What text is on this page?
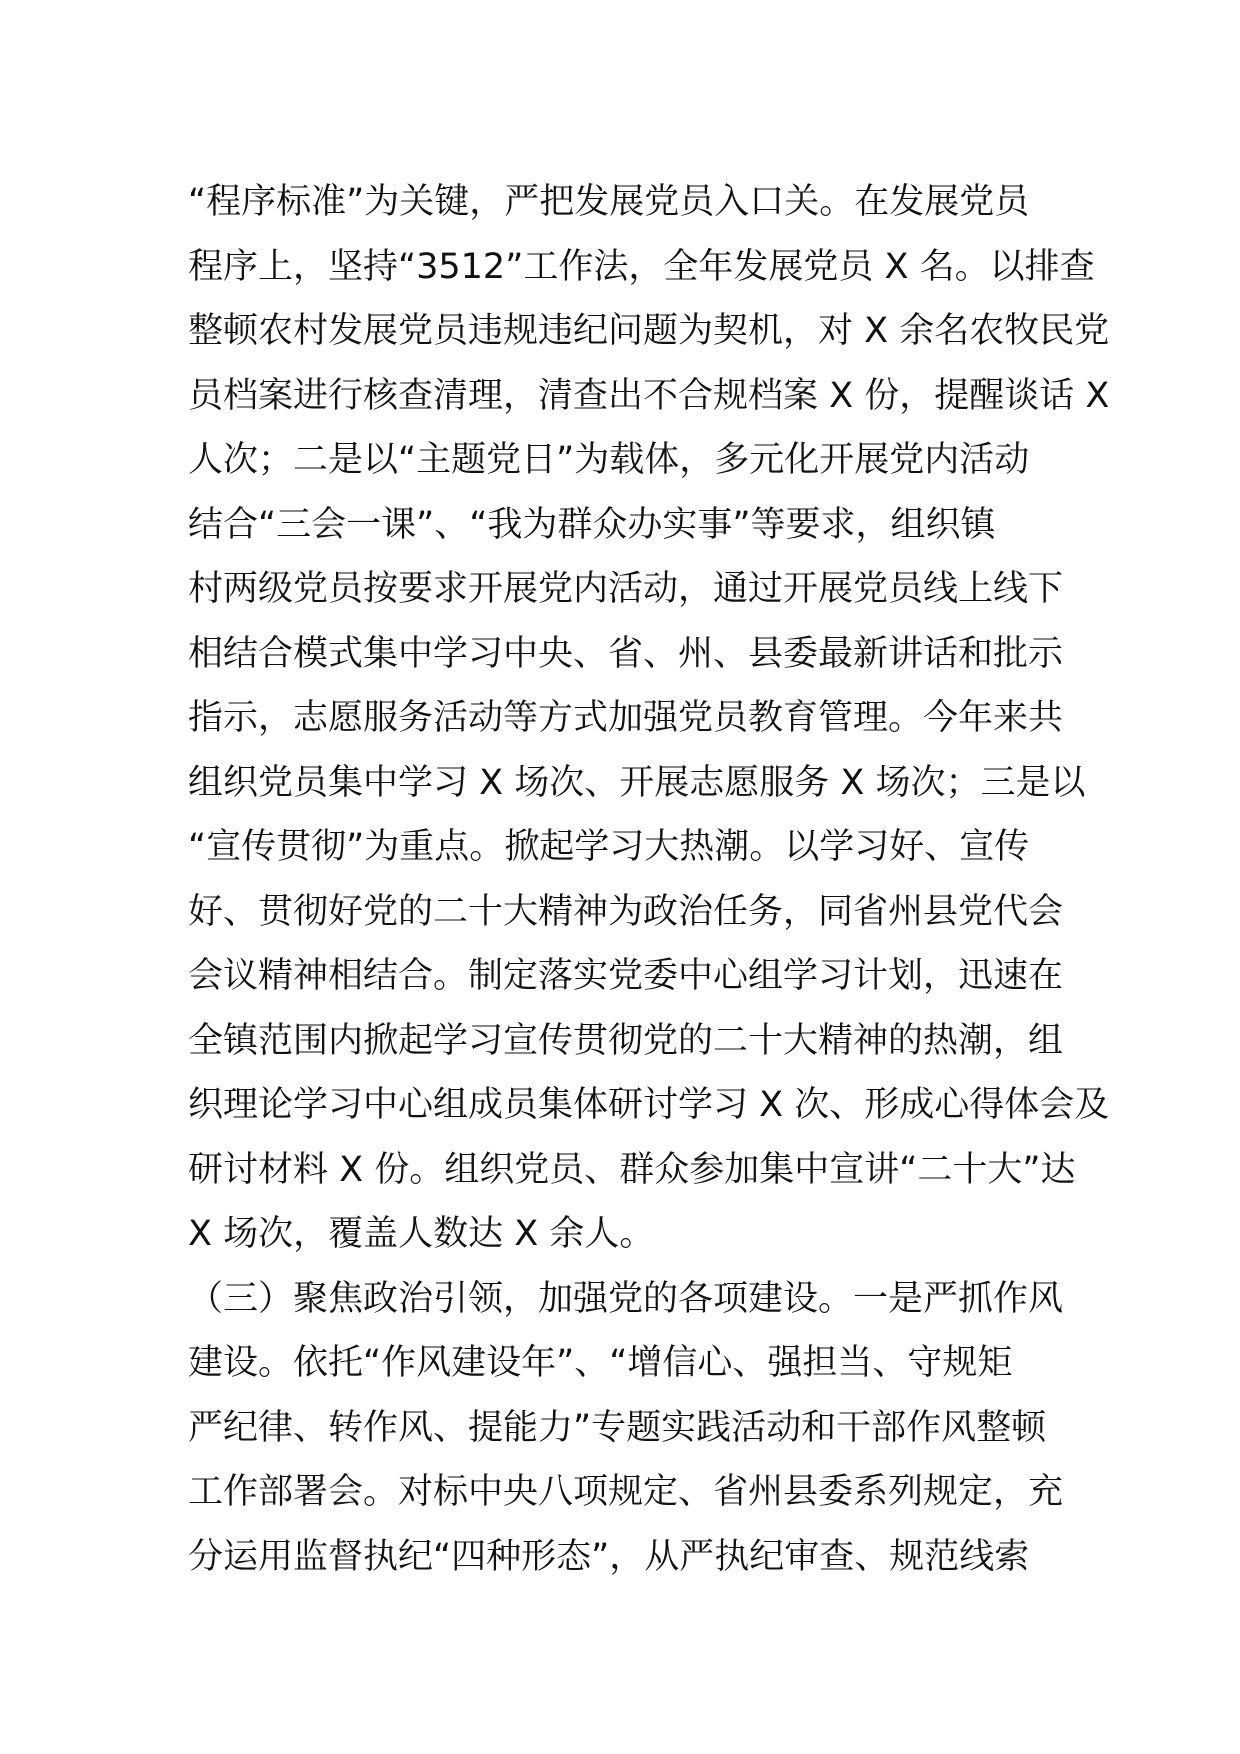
“程序标准”为关键，严把发展党员入口关。在发展党员
程序上，坚持“3512”工作法，全年发展党员 X 名。以排查
整顿农村发展党员违规违纪问题为契机，对 X 余名农牧民党
员档案进行核查清理，清查出不合规档案 X 份，提醒谈话 X
人次；二是以“主题党日”为载体，多元化开展党内活动
结合“三会一课”、“我为群众办实事”等要求，组织镇
村两级党员按要求开展党内活动，通过开展党员线上线下
相结合模式集中学习中央、省、州、县委最新讲话和批示
指示，志愿服务活动等方式加强党员教育管理。今年来共
组织党员集中学习 X 场次、开展志愿服务 X 场次；三是以
“宣传贯彻”为重点。掀起学习大热潮。以学习好、宣传
好、贯彻好党的二十大精神为政治任务，同省州县党代会
会议精神相结合。制定落实党委中心组学习计划，迅速在
全镇范围内掀起学习宣传贯彻党的二十大精神的热潮，组
织理论学习中心组成员集体研讨学习 X 次、形成心得体会及
研讨材料 X 份。组织党员、群众参加集中宣讲“二十大”达
X 场次，覆盖人数达 X 余人。
（三）聚焦政治引领，加强党的各项建设。一是严抓作风
建设。依托“作风建设年”、“增信心、强担当、守规矩
严纪律、转作风、提能力”专题实践活动和干部作风整顿
工作部署会。对标中央八项规定、省州县委系列规定，充
分运用监督执纪“四种形态”，从严执纪审查、规范线索
